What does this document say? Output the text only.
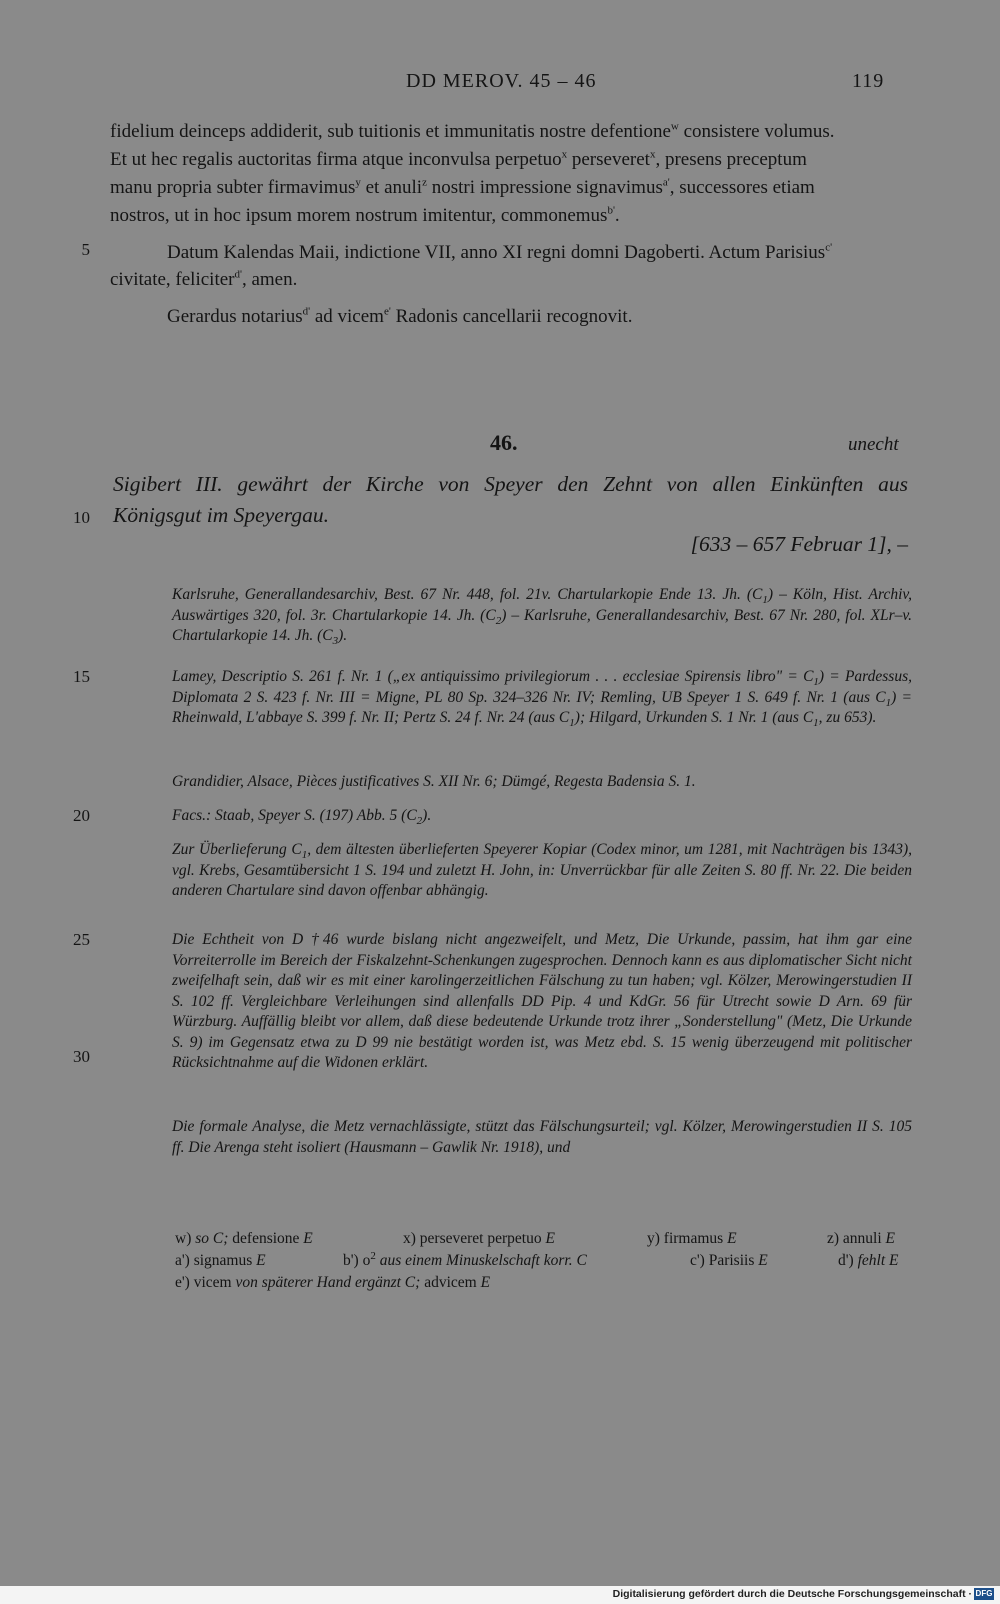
DD MEROV. 45 – 46	119
5
10
15
20
25
30
fidelium deinceps addiderit, sub tuitionis et immunitatis nostre defentione$^w$ consistere volumus.
Et ut hec regalis auctoritas firma atque inconvulsa perpetuo$^x$ perseveret$^x$, presens preceptum
manu propria subter firmavimus$^y$ et anuli$^z$ nostri impressione signavimus$^{a'}$, successores etiam
nostros, ut in hoc ipsum morem nostrum imitentur, commonemus$^{b'}$.
Datum Kalendas Maii, indictione VII, anno XI regni domni Dagoberti. Actum Parisius$^{c'}$
civitate, feliciter$^{d'}$, amen.
Gerardus notarius$^{d'}$ ad vicem$^{e'}$ Radonis cancellarii recognovit.
46.	unecht
Sigibert III. gewährt der Kirche von Speyer den Zehnt von allen Einkünften aus
Königsgut im Speyergau.
[633 – 657 Februar 1], –
Karlsruhe, Generallandesarchiv, Best. 67 Nr. 448, fol. 21v. Chartularkopie Ende 13. Jh. $(C_1)$ – Köln, Hist. Archiv, Auswärtiges 320, fol. 3r. Chartularkopie 14. Jh. $(C_2)$ – Karlsruhe, Generallandesarchiv, Best. 67 Nr. 280, fol. XLr–v. Chartularkopie 14. Jh. $(C_3)$.
Lamey, Descriptio S. 261 f. Nr. 1 („ex antiquissimo privilegiorum . . . ecclesiae Spirensis libro" = $C_1$) = Pardessus, Diplomata 2 S. 423 f. Nr. III = Migne, PL 80 Sp. 324–326 Nr. IV; Remling, UB Speyer 1 S. 649 f. Nr. 1 (aus $C_1$) = Rheinwald, L'abbaye S. 399 f. Nr. II; Pertz S. 24 f. Nr. 24 (aus $C_1$); Hilgard, Urkunden S. 1 Nr. 1 (aus $C_1$, zu 653).
Grandidier, Alsace, Pièces justificatives S. XII Nr. 6; Dümgé, Regesta Badensia S. 1.
Facs.: Staab, Speyer S. (197) Abb. 5 $(C_2)$.
Zur Überlieferung $C_1$, dem ältesten überlieferten Speyerer Kopiar (Codex minor, um 1281, mit Nachträgen bis 1343), vgl. Krebs, Gesamtübersicht 1 S. 194 und zuletzt H. John, in: Unverrückbar für alle Zeiten S. 80 ff. Nr. 22. Die beiden anderen Chartulare sind davon offenbar abhängig.
Die Echtheit von D †46 wurde bislang nicht angezweifelt, und Metz, Die Urkunde, passim, hat ihm gar eine Vorreiterrolle im Bereich der Fiskalzehnt-Schenkungen zugesprochen. Dennoch kann es aus diplomatischer Sicht nicht zweifelhaft sein, daß wir es mit einer karolingerzeitlichen Fälschung zu tun haben; vgl. Kölzer, Merowingerstudien II S. 102 ff. Vergleichbare Verleihungen sind allenfalls DD Pip. 4 und KdGr. 56 für Utrecht sowie D Arn. 69 für Würzburg. Auffällig bleibt vor allem, daß diese bedeutende Urkunde trotz ihrer „Sonderstellung" (Metz, Die Urkunde S. 9) im Gegensatz etwa zu D 99 nie bestätigt worden ist, was Metz ebd. S. 15 wenig überzeugend mit politischer Rücksichtnahme auf die Widonen erklärt.
Die formale Analyse, die Metz vernachlässigte, stützt das Fälschungsurteil; vgl. Kölzer, Merowingerstudien II S. 105 ff. Die Arenga steht isoliert (Hausmann – Gawlik Nr. 1918), und
w) so C; defensione E	x) perseveret perpetuo E	y) firmamus E	z) annuli E
a') signamus E	b') $o^2$ aus einem Minuskelschaft korr. C	c') Parisiis E	d') fehlt E
e') vicem von späterer Hand ergänzt C; advicem E
Digitalisierung gefördert durch die Deutsche Forschungsgemeinschaft · DFG
